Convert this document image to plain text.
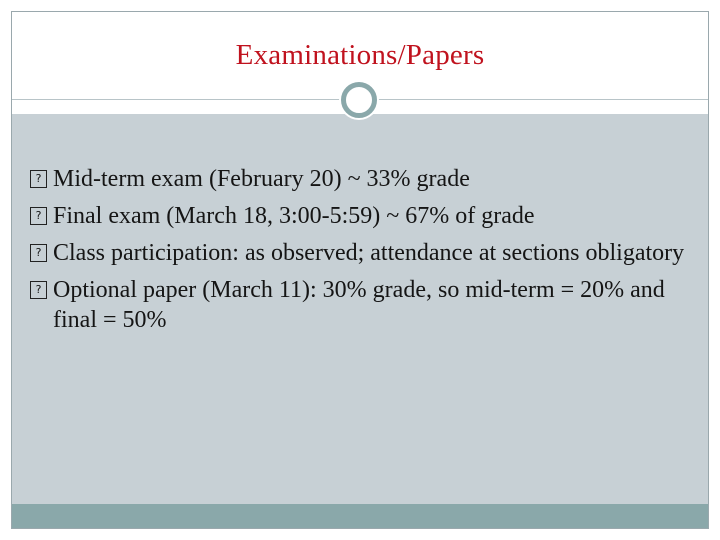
Examinations/Papers
? Mid-term exam (February 20) ~ 33% grade
? Final exam (March 18, 3:00-5:59) ~ 67% of grade
? Class participation: as observed; attendance at sections obligatory
? Optional paper (March 11): 30% grade, so mid-term = 20% and final = 50%
